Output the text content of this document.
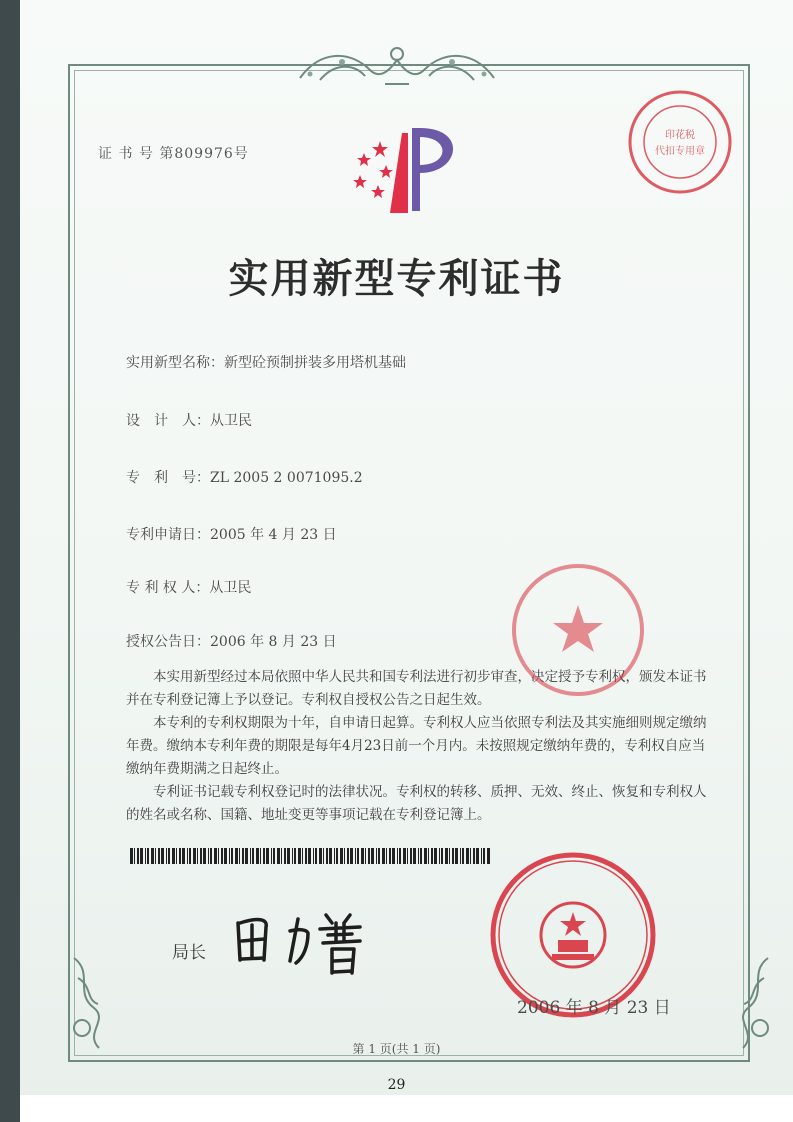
证 书 号 第809976号
实用新型专利证书
实用新型名称：新型砼预制拼装多用塔机基础
设　计　人：从卫民
专　利　号：ZL 2005 2 0071095.2
专利申请日：2005 年 4 月 23 日
专 利 权 人：从卫民
授权公告日：2006 年 8 月 23 日

本实用新型经过本局依照中华人民共和国专利法进行初步审查，决定授予专利权，颁发本证书并在专利登记簿上予以登记。专利权自授权公告之日起生效。

本专利的专利权期限为十年，自申请日起算。专利权人应当依照专利法及其实施细则规定缴纳年费。缴纳本专利年费的期限是每年4月23日前一个月内。未按照规定缴纳年费的，专利权自应当缴纳年费期满之日起终止。

专利证书记载专利权登记时的法律状况。专利权的转移、质押、无效、终止、恢复和专利权人的姓名或名称、国籍、地址变更等事项记载在专利登记簿上。

印花税
代扣专用章
局长
2006 年 8 月 23 日
第 1 页(共 1 页)
29
